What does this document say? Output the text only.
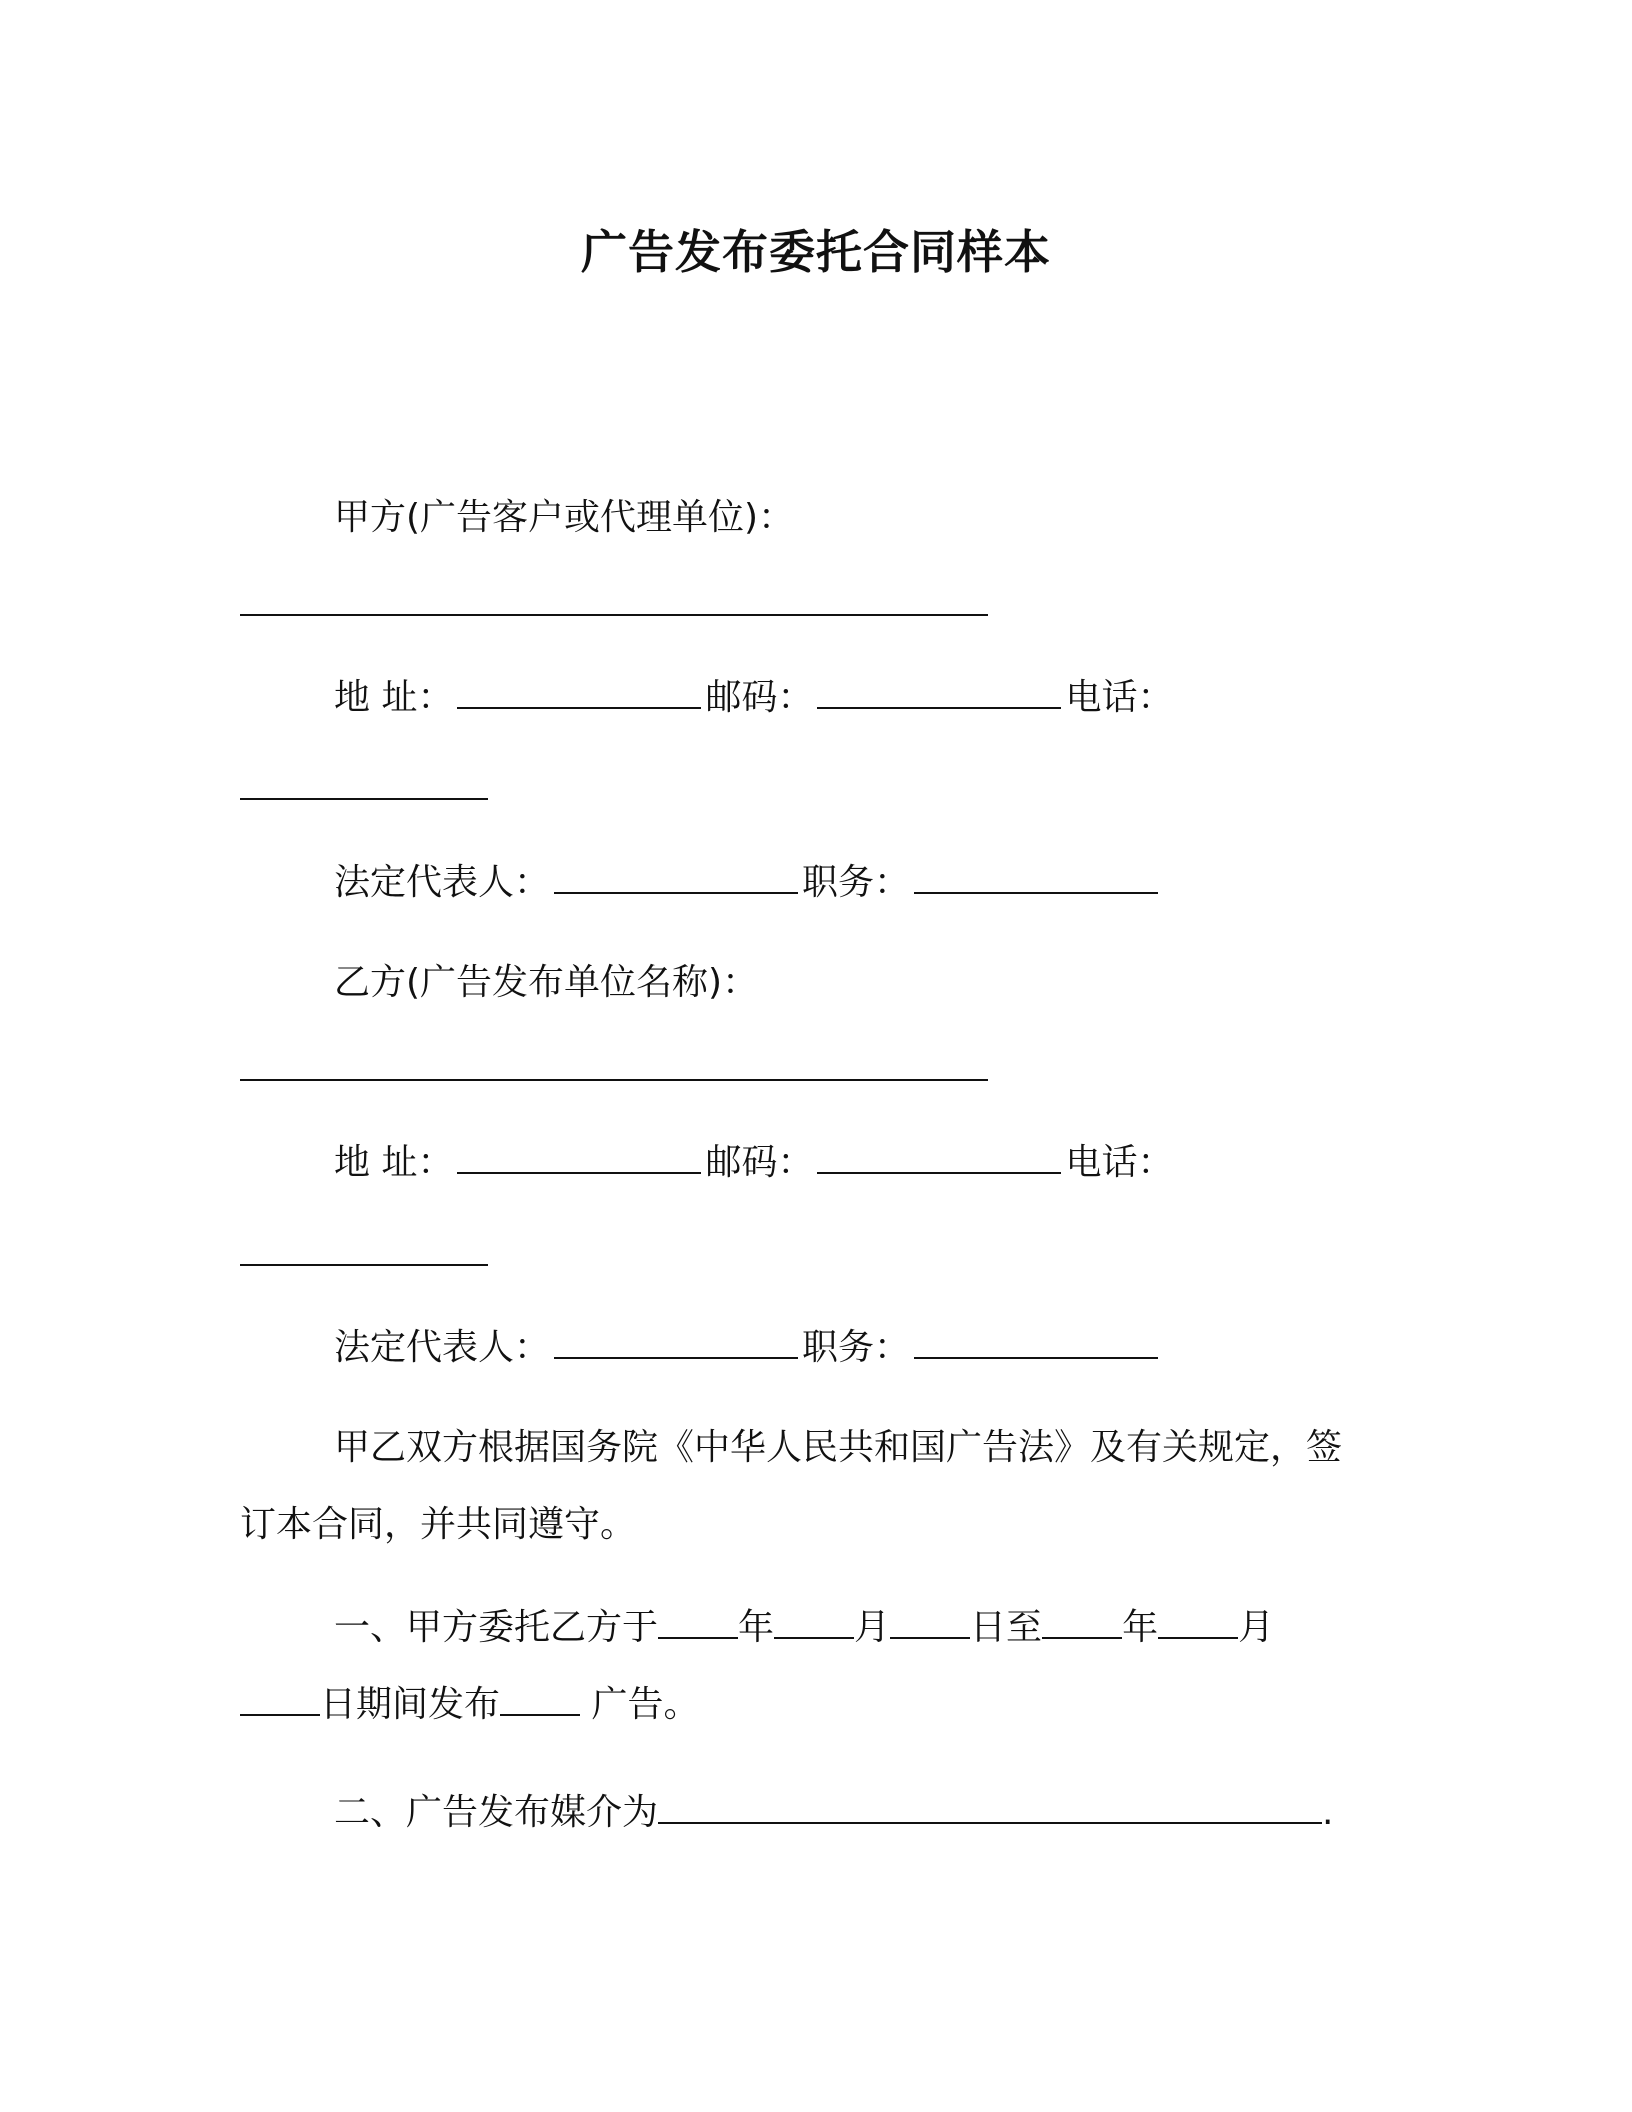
广告发布委托合同样本
甲方(广告客户或代理单位)：
地 址：	邮码：	电话：
法定代表人：	职务：
乙方(广告发布单位名称)：
地 址：	邮码：	电话：
法定代表人：	职务：
甲乙双方根据国务院《中华人民共和国广告法》及有关规定，签
订本合同，并共同遵守。
一、甲方委托乙方于 年 月 日至 年 月
日期间发布 广告。
二、广告发布媒介为	.
